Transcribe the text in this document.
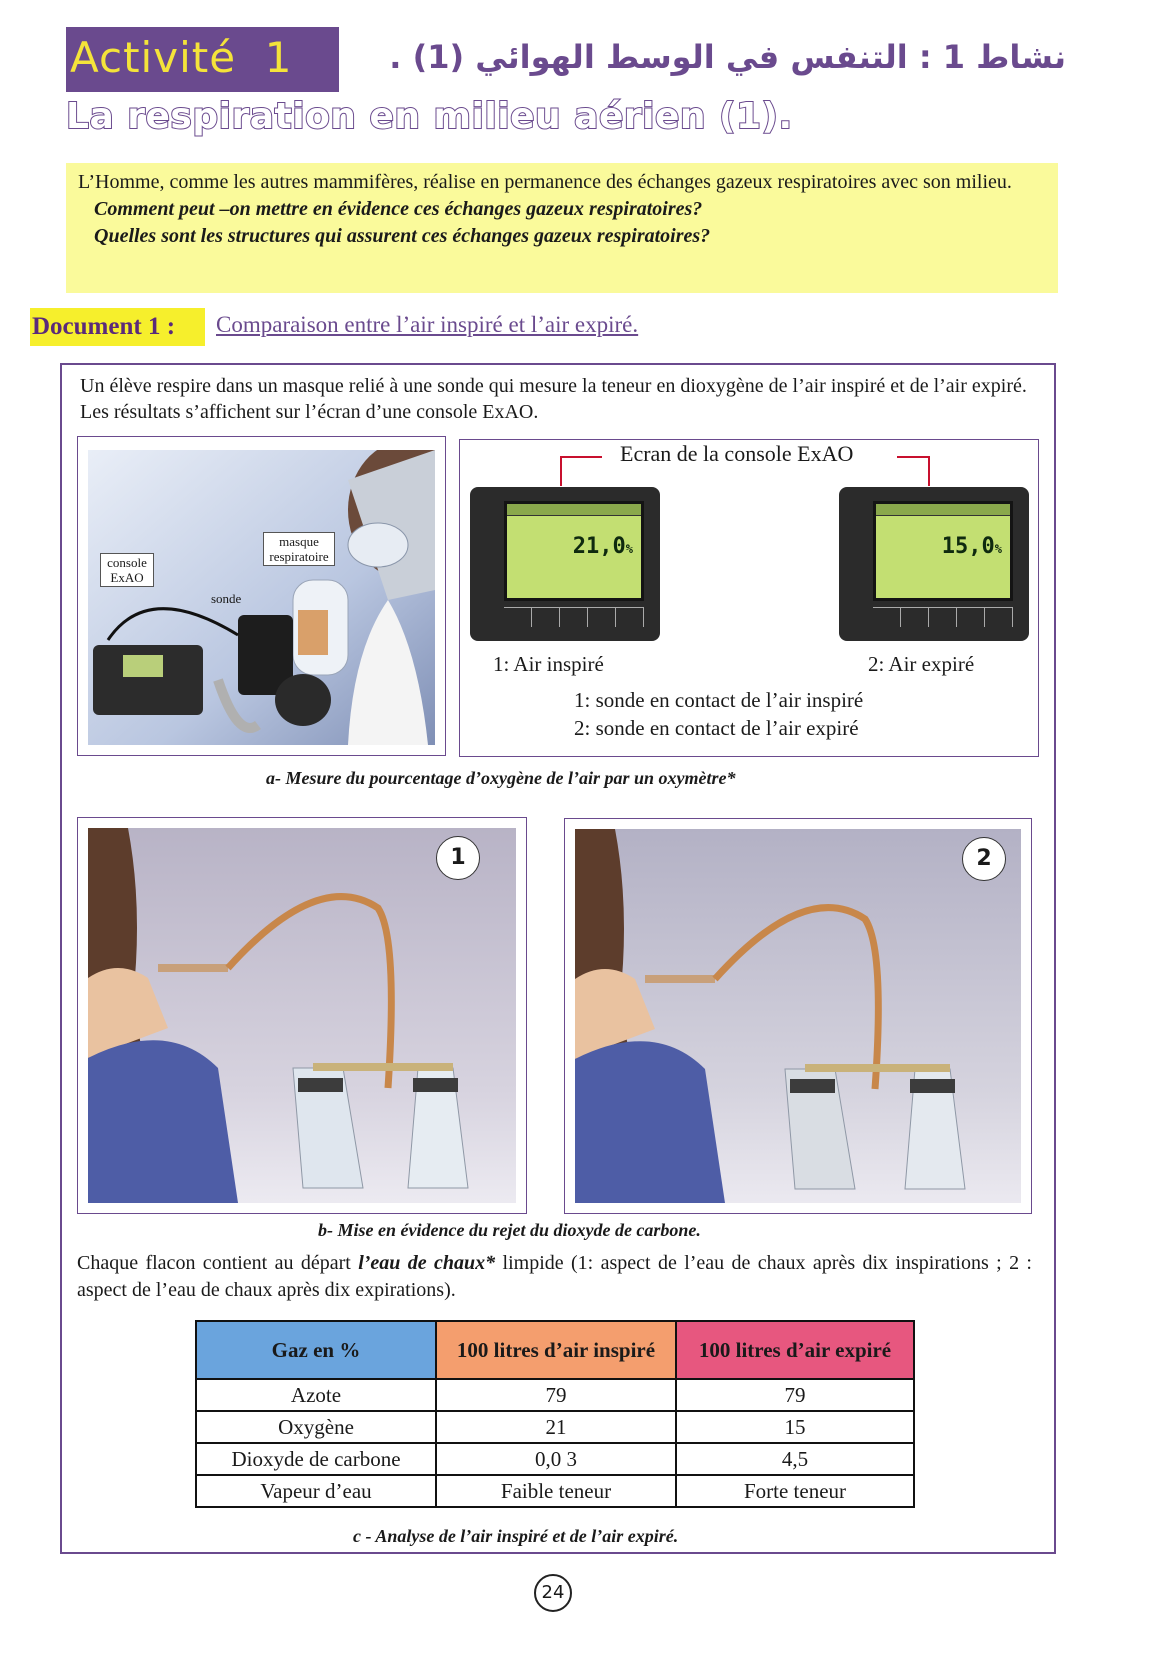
Activité  1	نشاط 1 : التنفس في الوسط الهوائي (1) .
La respiration en milieu aérien (1).

L’Homme, comme les autres mammifères, réalise en permanence des échanges gazeux respiratoires avec son milieu.

Comment peut –on mettre en évidence ces échanges gazeux respiratoires?

Quelles sont les structures qui assurent ces échanges gazeux respiratoires?

Document 1 :	Comparaison entre l’air inspiré et l’air expiré.
Un élève respire dans un masque relié à une sonde qui mesure la teneur en dioxygène de l’air inspiré et de l’air expiré. Les résultats s’affichent sur l’écran d’une console ExAO.
console ExAO
sonde
masque respiratoire
Ecran de la console ExAO
21,0%	15,0%
1: Air inspiré	2: Air expiré
1: sonde en contact de l’air inspiré
2: sonde en contact de l’air expiré
a- Mesure du pourcentage d’oxygène de l’air par un oxymètre*
1	2
b- Mise en évidence du rejet du dioxyde de carbone.
Chaque flacon contient au départ l’eau de chaux* limpide (1: aspect de l’eau de chaux après dix inspirations ; 2 : aspect de l’eau de chaux après dix expirations).
Gaz en %	100 litres d’air inspiré	100 litres d’air expiré
Azote	79	79
Oxygène	21	15
Dioxyde de carbone	0,0 3	4,5
Vapeur d’eau	Faible teneur	Forte teneur
c - Analyse de l’air inspiré et de l’air expiré.
24
